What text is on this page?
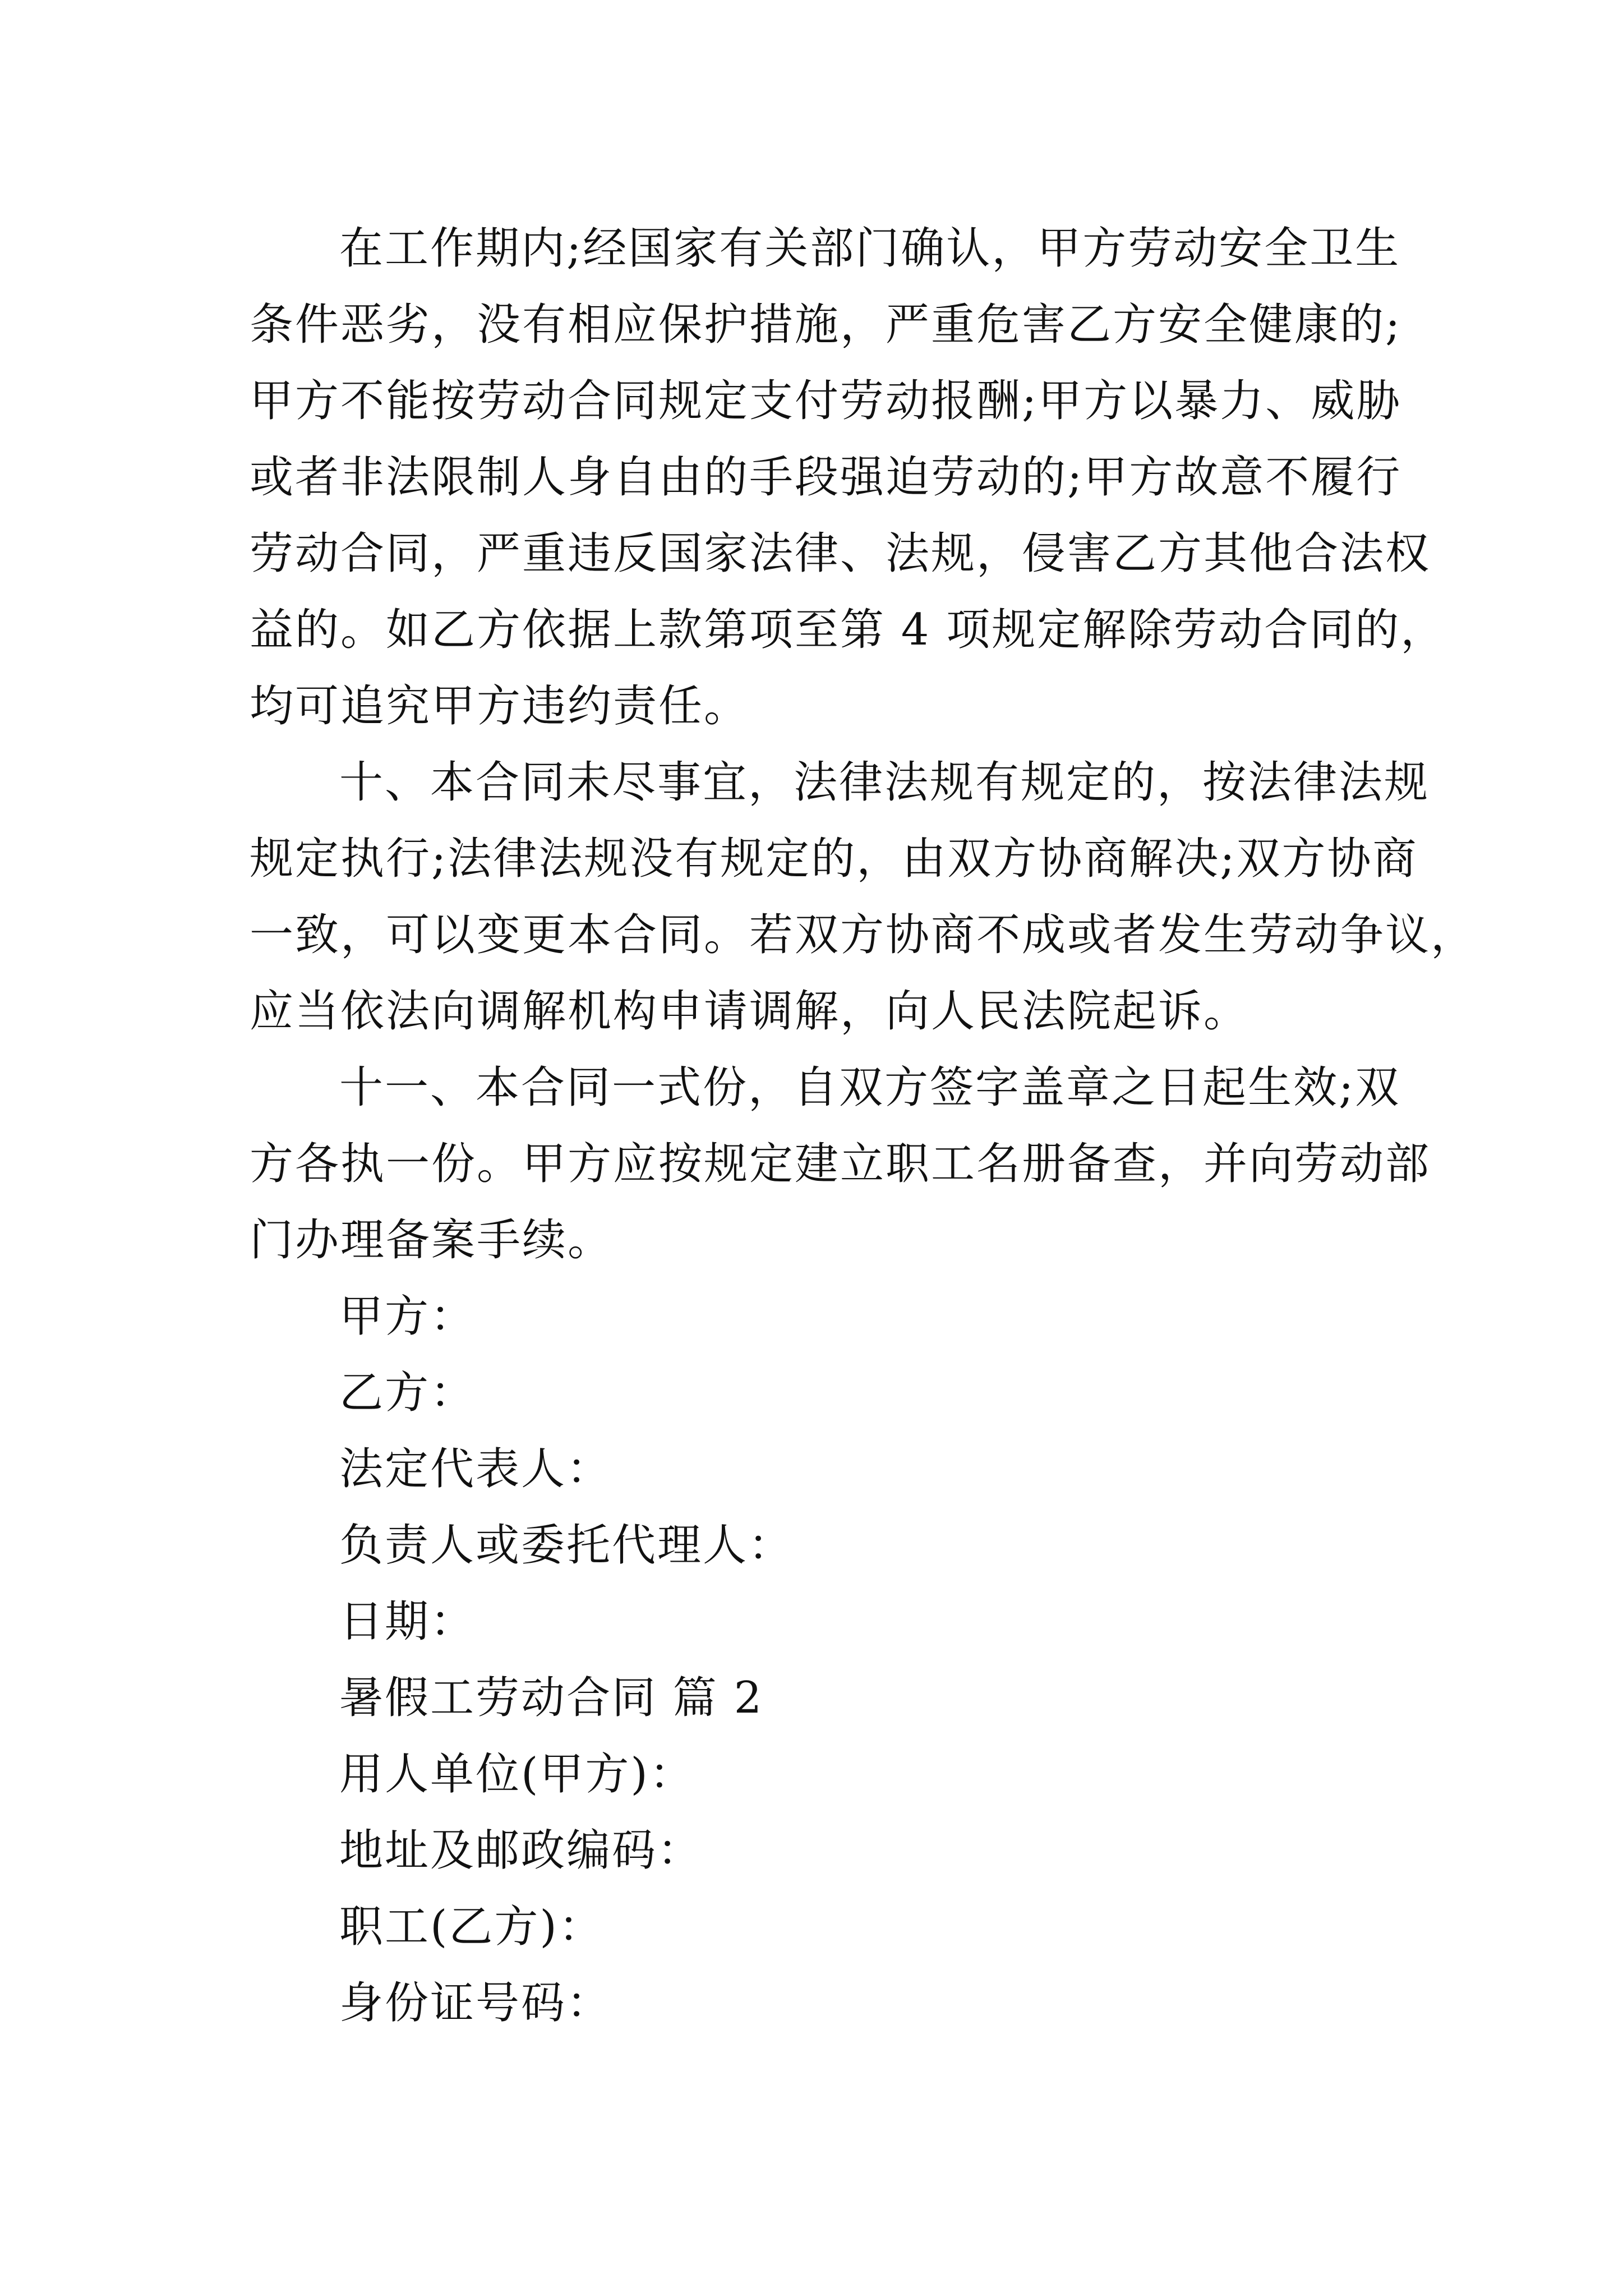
在工作期内;经国家有关部门确认，甲方劳动安全卫生
条件恶劣，没有相应保护措施，严重危害乙方安全健康的;
甲方不能按劳动合同规定支付劳动报酬;甲方以暴力、威胁
或者非法限制人身自由的手段强迫劳动的;甲方故意不履行
劳动合同，严重违反国家法律、法规，侵害乙方其他合法权
益的。如乙方依据上款第项至第 4 项规定解除劳动合同的，
均可追究甲方违约责任。
十、本合同未尽事宜，法律法规有规定的，按法律法规
规定执行;法律法规没有规定的，由双方协商解决;双方协商
一致，可以变更本合同。若双方协商不成或者发生劳动争议，
应当依法向调解机构申请调解，向人民法院起诉。
十一、本合同一式份，自双方签字盖章之日起生效;双
方各执一份。甲方应按规定建立职工名册备查，并向劳动部
门办理备案手续。
甲方：
乙方：
法定代表人：
负责人或委托代理人：
日期：
暑假工劳动合同 篇 2
用人单位(甲方)：
地址及邮政编码：
职工(乙方)：
身份证号码：
